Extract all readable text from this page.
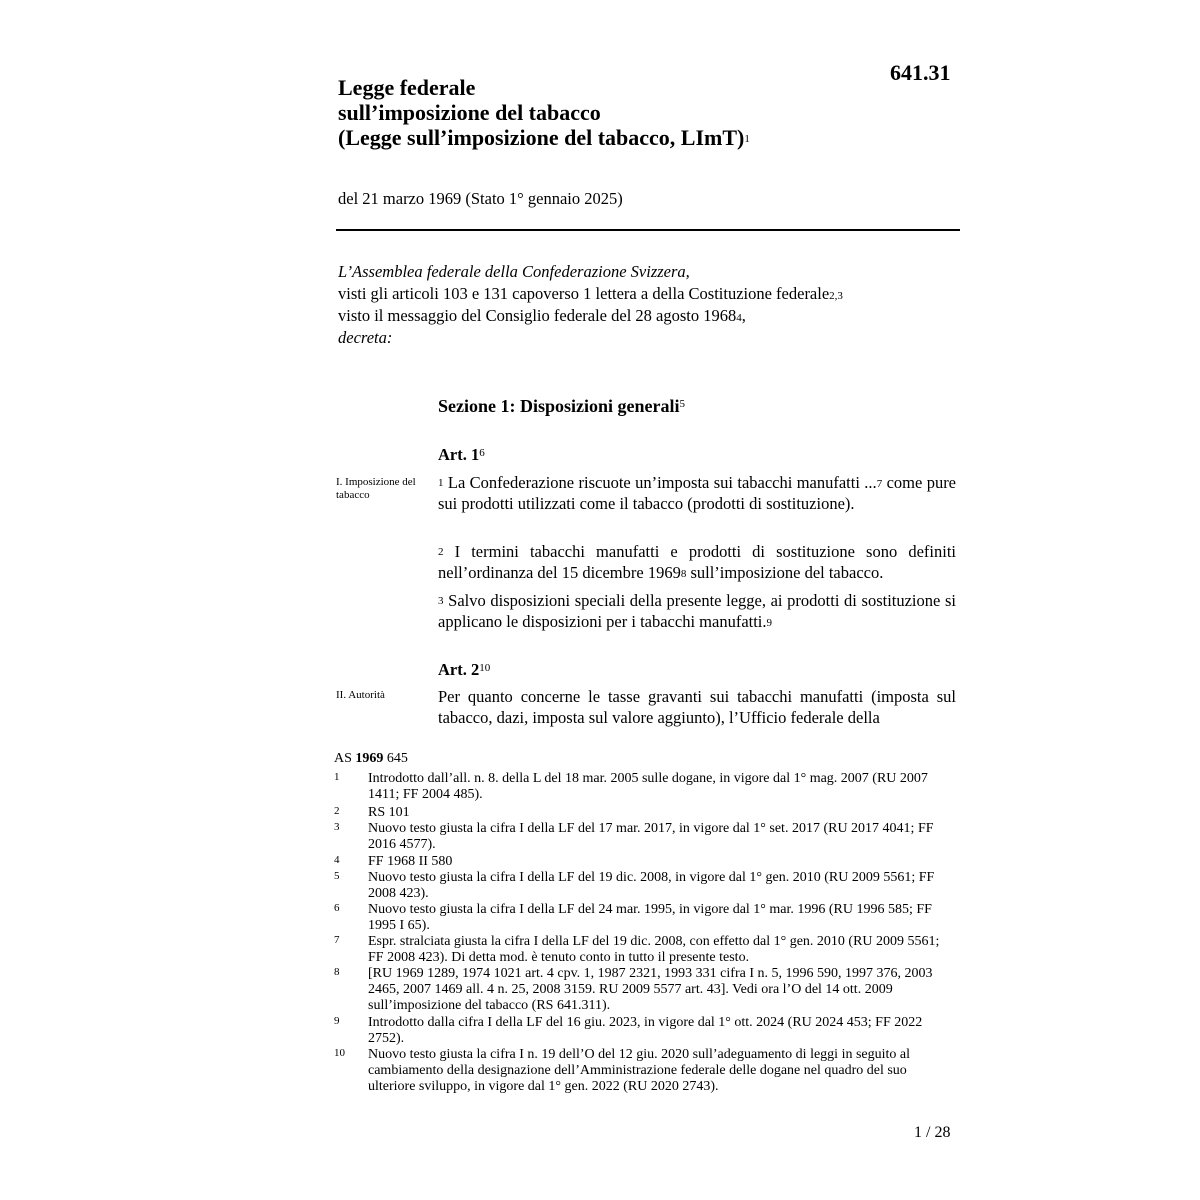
641.31
Legge federale
sull’imposizione del tabacco
(Legge sull’imposizione del tabacco, LImT)$^1$
del 21 marzo 1969 (Stato 1° gennaio 2025)
L’Assemblea federale della Confederazione Svizzera,
visti gli articoli 103 e 131 capoverso 1 lettera a della Costituzione federale$^{2,3}$
visto il messaggio del Consiglio federale del 28 agosto 1968$^4$,
decreta:
Sezione 1: Disposizioni generali$^5$
Art. $1^6$
I. Imposizione del tabacco
$^1$ La Confederazione riscuote un’imposta sui tabacchi manufatti ...$^7$ come pure sui prodotti utilizzati come il tabacco (prodotti di sostituzione).
$^2$ I termini tabacchi manufatti e prodotti di sostituzione sono definiti nell’ordinanza del 15 dicembre 1969$^8$ sull’imposizione del tabacco.
$^3$ Salvo disposizioni speciali della presente legge, ai prodotti di sostituzione si applicano le disposizioni per i tabacchi manufatti.$^9$
Art. $2^{10}$
II. Autorità	Per quanto concerne le tasse gravanti sui tabacchi manufatti (imposta sul tabacco, dazi, imposta sul valore aggiunto), l’Ufficio federale della
AS 1969 645
1 Introdotto dall’all. n. 8. della L del 18 mar. 2005 sulle dogane, in vigore dal 1° mag. 2007 (RU 2007 1411; FF 2004 485).
2 RS 101
3 Nuovo testo giusta la cifra I della LF del 17 mar. 2017, in vigore dal 1° set. 2017 (RU 2017 4041; FF 2016 4577).
4 FF 1968 II 580
5 Nuovo testo giusta la cifra I della LF del 19 dic. 2008, in vigore dal 1° gen. 2010 (RU 2009 5561; FF 2008 423).
6 Nuovo testo giusta la cifra I della LF del 24 mar. 1995, in vigore dal 1° mar. 1996 (RU 1996 585; FF 1995 I 65).
7 Espr. stralciata giusta la cifra I della LF del 19 dic. 2008, con effetto dal 1° gen. 2010 (RU 2009 5561; FF 2008 423). Di detta mod. è tenuto conto in tutto il presente testo.
8 [RU 1969 1289, 1974 1021 art. 4 cpv. 1, 1987 2321, 1993 331 cifra I n. 5, 1996 590, 1997 376, 2003 2465, 2007 1469 all. 4 n. 25, 2008 3159. RU 2009 5577 art. 43]. Vedi ora l’O del 14 ott. 2009 sull’imposizione del tabacco (RS 641.311).
9 Introdotto dalla cifra I della LF del 16 giu. 2023, in vigore dal 1° ott. 2024 (RU 2024 453; FF 2022 2752).
10 Nuovo testo giusta la cifra I n. 19 dell’O del 12 giu. 2020 sull’adeguamento di leggi in seguito al cambiamento della designazione dell’Amministrazione federale delle dogane nel quadro del suo ulteriore sviluppo, in vigore dal 1° gen. 2022 (RU 2020 2743).
1 / 28
